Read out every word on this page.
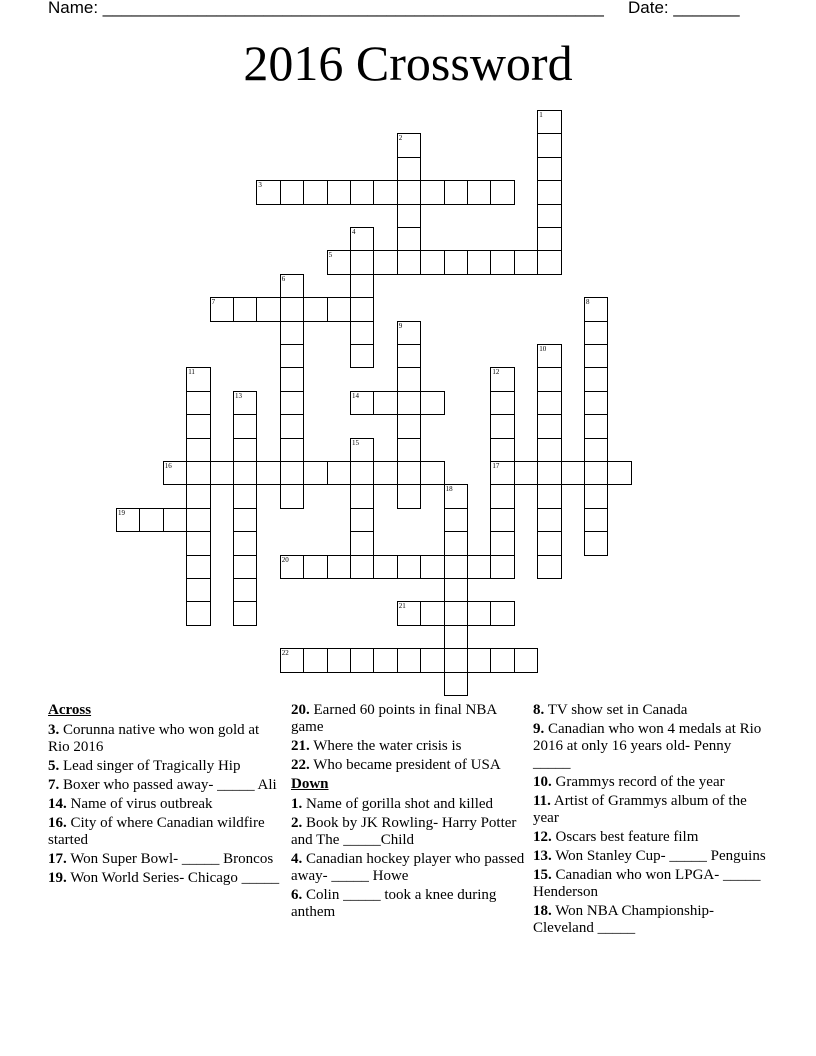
Name: _____________________________________________________ Date: _______
2016 Crossword
1
2
3
4
5
6
7	8
9
10
11	12
17
13	14
15
16
18
19
20
21
22
Across
3. Corunna native who won gold at Rio 2016
5. Lead singer of Tragically Hip
7. Boxer who passed away- _____ Ali
14. Name of virus outbreak
16. City of where Canadian wildfire started
17. Won Super Bowl- _____ Broncos
19. Won World Series- Chicago _____
20. Earned 60 points in final NBA game
21. Where the water crisis is
22. Who became president of USA
Down
1. Name of gorilla shot and killed
2. Book by JK Rowling- Harry Potter and The _____Child
4. Canadian hockey player who passed away- _____ Howe
6. Colin _____ took a knee during anthem
8. TV show set in Canada
9. Canadian who won 4 medals at Rio 2016 at only 16 years old- Penny _____
10. Grammys record of the year
11. Artist of Grammys album of the year
12. Oscars best feature film
13. Won Stanley Cup- _____ Penguins
15. Canadian who won LPGA- _____ Henderson
18. Won NBA Championship- Cleveland _____
